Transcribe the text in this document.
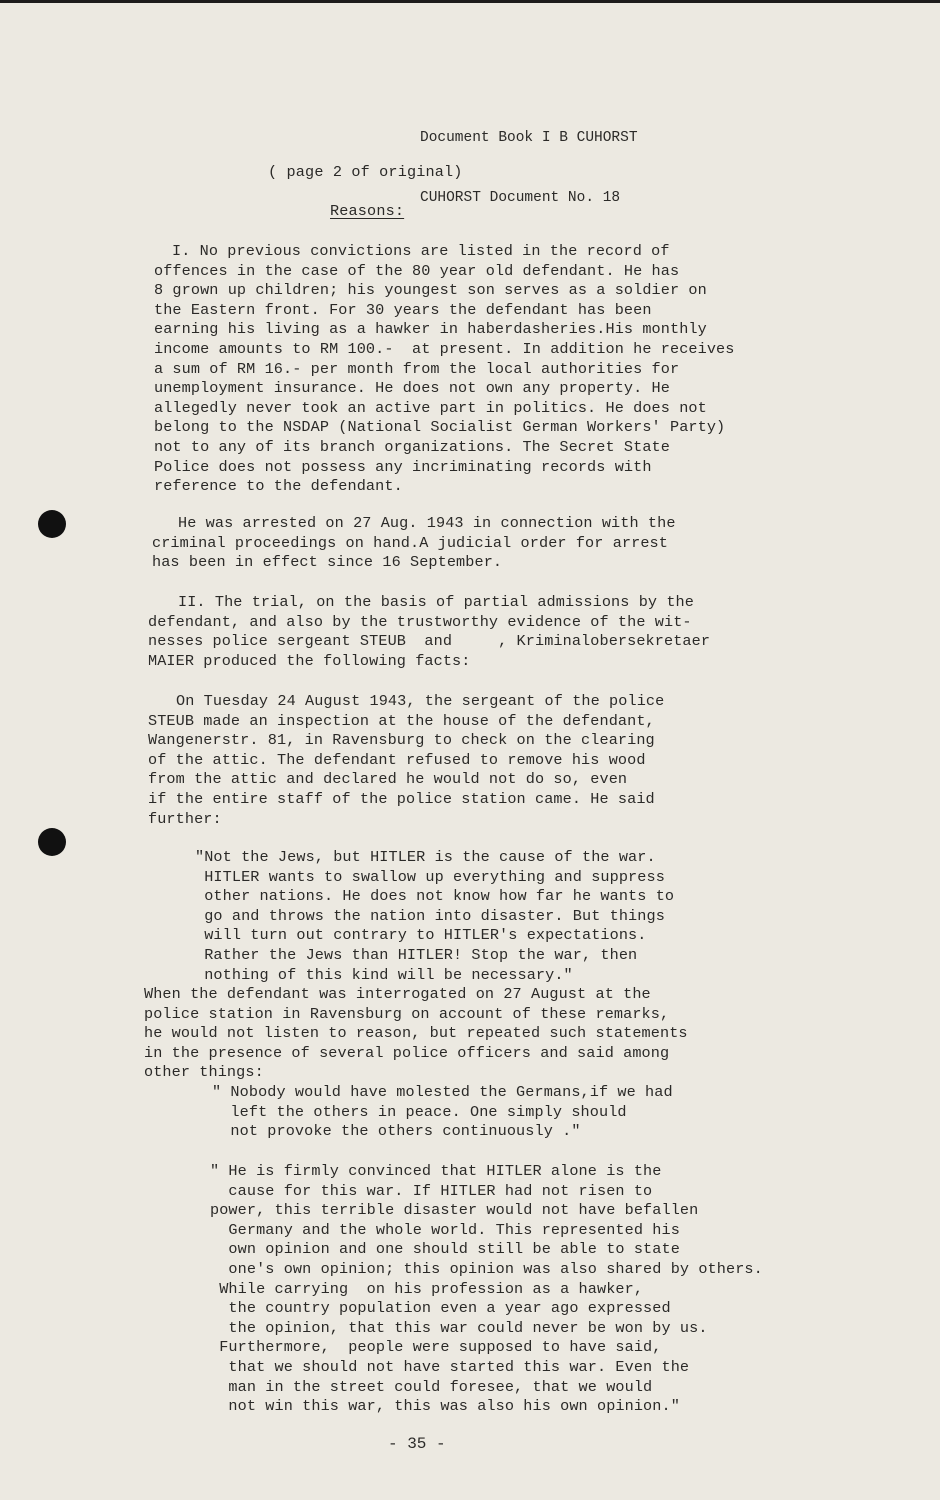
Document Book I B CUHORST

CUHORST Document No. 18

( page 2 of original)
Reasons:
I. No previous convictions are listed in the record of
offences in the case of the 80 year old defendant. He has
8 grown up children; his youngest son serves as a soldier on
the Eastern front. For 30 years the defendant has been
earning his living as a hawker in haberdasheries.His monthly
income amounts to RM 100.-  at present. In addition he receives
a sum of RM 16.- per month from the local authorities for
unemployment insurance. He does not own any property. He
allegedly never took an active part in politics. He does not
belong to the NSDAP (National Socialist German Workers' Party)
not to any of its branch organizations. The Secret State
Police does not possess any incriminating records with
reference to the defendant.
He was arrested on 27 Aug. 1943 in connection with the
criminal proceedings on hand.A judicial order for arrest
has been in effect since 16 September.
II. The trial, on the basis of partial admissions by the
defendant, and also by the trustworthy evidence of the wit-
nesses police sergeant STEUB  and     , Kriminalobersekretaer
MAIER produced the following facts:
On Tuesday 24 August 1943, the sergeant of the police
STEUB made an inspection at the house of the defendant,
Wangenerstr. 81, in Ravensburg to check on the clearing
of the attic. The defendant refused to remove his wood
from the attic and declared he would not do so, even
if the entire staff of the police station came. He said
further:
"Not the Jews, but HITLER is the cause of the war.
HITLER wants to swallow up everything and suppress
other nations. He does not know how far he wants to
go and throws the nation into disaster. But things
will turn out contrary to HITLER's expectations.
Rather the Jews than HITLER! Stop the war, then
nothing of this kind will be necessary."
When the defendant was interrogated on 27 August at the
police station in Ravensburg on account of these remarks,
he would not listen to reason, but repeated such statements
in the presence of several police officers and said among
other things:
" Nobody would have molested the Germans,if we had
left the others in peace. One simply should
not provoke the others continuously ."
" He is firmly convinced that HITLER alone is the
cause for this war. If HITLER had not risen to
power, this terrible disaster would not have befallen
Germany and the whole world. This represented his
own opinion and one should still be able to state
one's own opinion; this opinion was also shared by others.
While carrying  on his profession as a hawker,
the country population even a year ago expressed
the opinion, that this war could never be won by us.
Furthermore,  people were supposed to have said,
that we should not have started this war. Even the
man in the street could foresee, that we would
not win this war, this was also his own opinion."
- 35 -
